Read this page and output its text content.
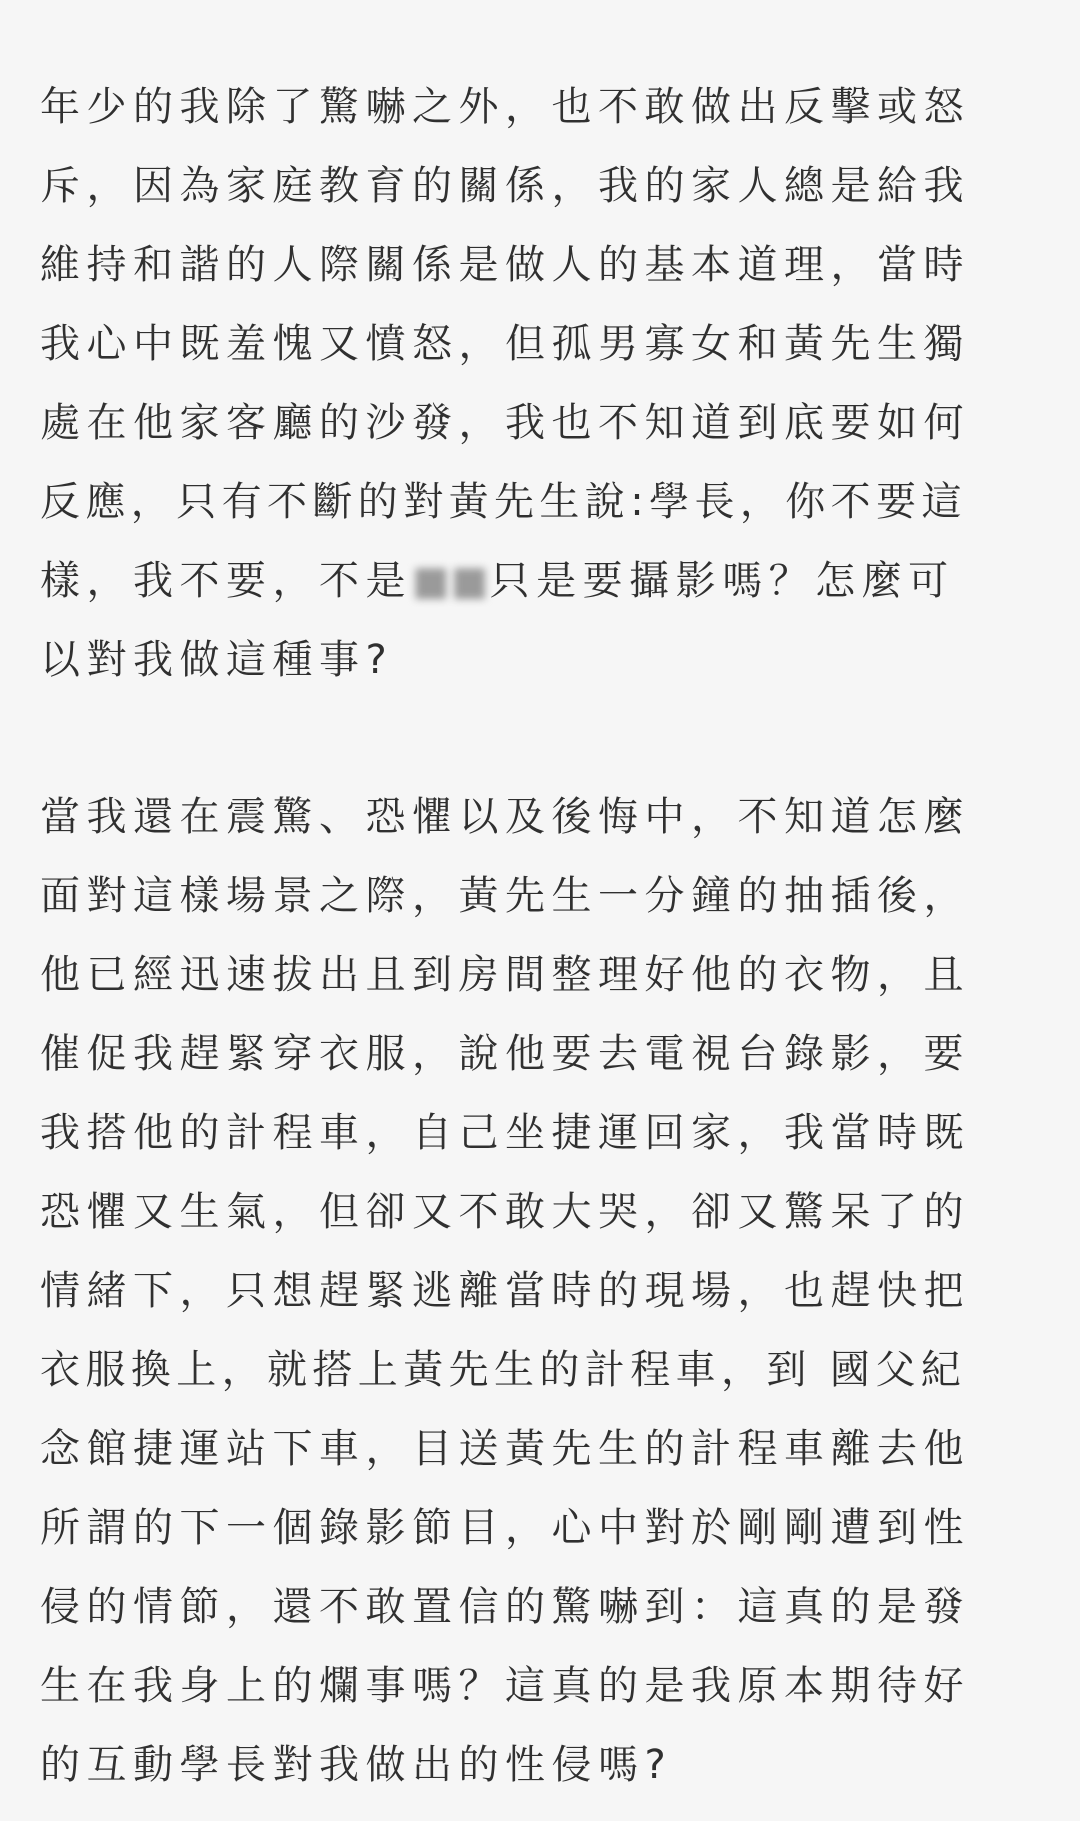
年少的我除了驚嚇之外，也不敢做出反擊或怒
斥，因為家庭教育的關係，我的家人總是給我
維持和諧的人際關係是做人的基本道理，當時
我心中既羞愧又憤怒，但孤男寡女和黃先生獨
處在他家客廳的沙發，我也不知道到底要如何
反應，只有不斷的對黃先生說:學長，你不要這
樣，我不要，不是■■只是要攝影嗎？怎麼可
以對我做這種事?
當我還在震驚、恐懼以及後悔中，不知道怎麼
面對這樣場景之際，黃先生一分鐘的抽插後，
他已經迅速拔出且到房間整理好他的衣物，且
催促我趕緊穿衣服，說他要去電視台錄影，要
我搭他的計程車，自己坐捷運回家，我當時既
恐懼又生氣，但卻又不敢大哭，卻又驚呆了的
情緒下，只想趕緊逃離當時的現場，也趕快把
衣服換上，就搭上黃先生的計程車，到 國父紀
念館捷運站下車，目送黃先生的計程車離去他
所謂的下一個錄影節目，心中對於剛剛遭到性
侵的情節，還不敢置信的驚嚇到：這真的是發
生在我身上的爛事嗎？這真的是我原本期待好
的互動學長對我做出的性侵嗎?
